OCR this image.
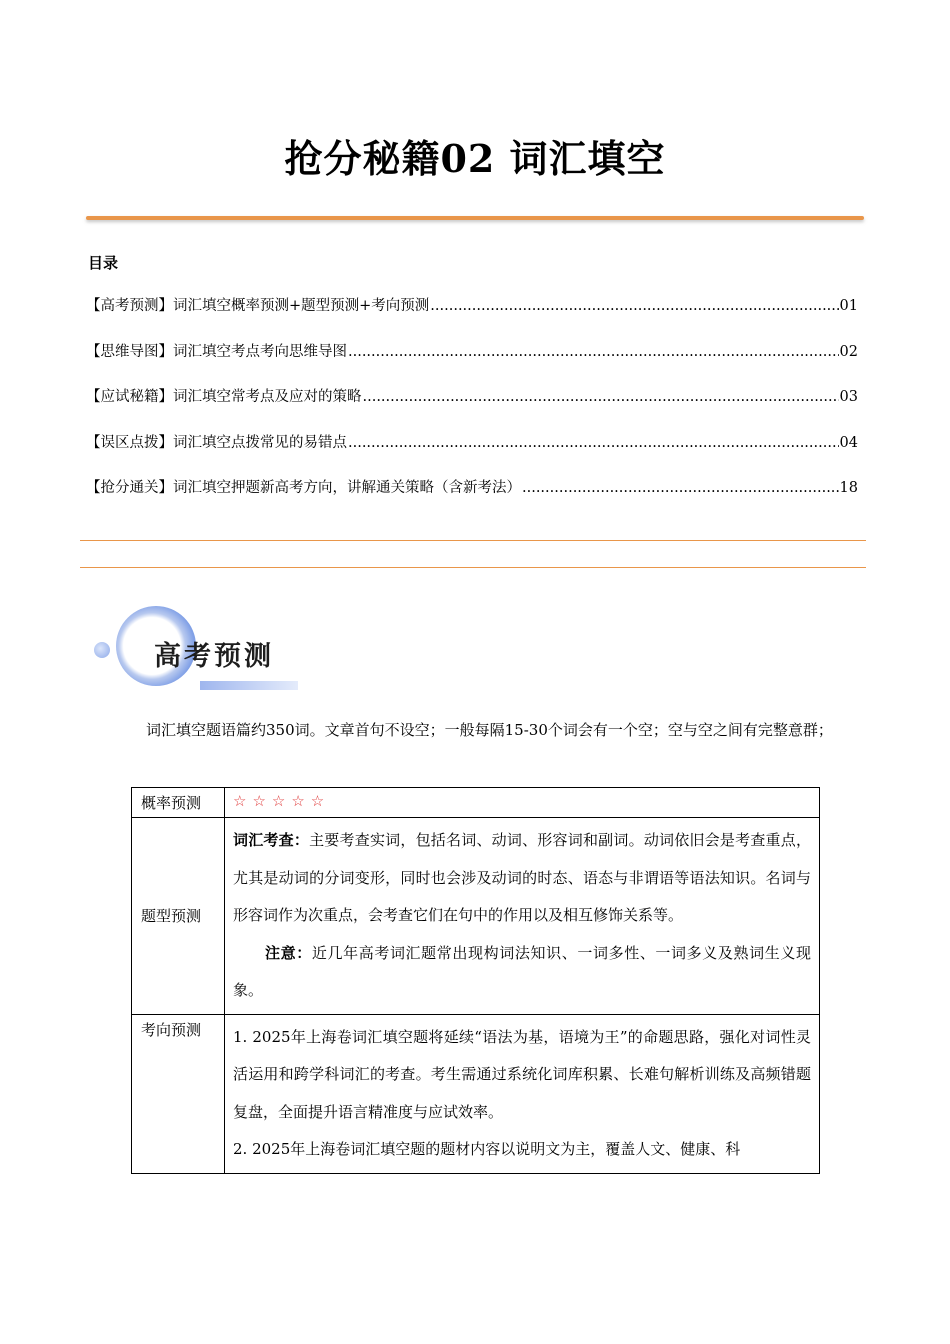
抢分秘籍02 词汇填空
目录
【高考预测】词汇填空概率预测+题型预测+考向预测 .....	01
【思维导图】词汇填空考点考向思维导图 .....	02
【应试秘籍】词汇填空常考点及应对的策略 .....	03
【误区点拨】词汇填空点拨常见的易错点 .....	04
【抢分通关】词汇填空押题新高考方向，讲解通关策略（含新考法） .....	18
高考预测
词汇填空题语篇约350词。文章首句不设空；一般每隔15-30个词会有一个空；空与空之间有完整意群；
概率预测	☆☆☆☆☆
题型预测	词汇考查：主要考查实词，包括名词、动词、形容词和副词。动词依旧会是考查重点，尤其是动词的分词变形，同时也会涉及动词的时态、语态与非谓语等语法知识。名词与形容词作为次重点，会考查它们在句中的作用以及相互修饰关系等。

注意：近几年高考词汇题常出现构词法知识、一词多性、一词多义及熟词生义现象。

考向预测	1. 2025年上海卷词汇填空题将延续“语法为基，语境为王”的命题思路，强化对词性灵活运用和跨学科词汇的考查。考生需通过系统化词库积累、长难句解析训练及高频错题复盘，全面提升语言精准度与应试效率。

2. 2025年上海卷词汇填空题的题材内容以说明文为主，覆盖人文、健康、科
